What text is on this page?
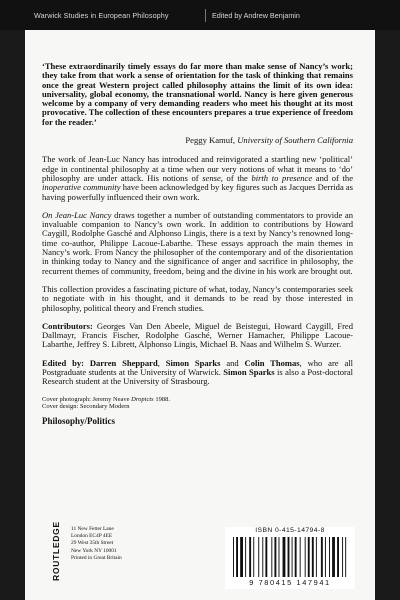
Warwick Studies in European Philosophy	Edited by Andrew Benjamin

‘These extraordinarily timely essays do far more than make sense of Nancy’s work; they take from that work a sense of orientation for the task of thinking that remains once the great Western project called philosophy attains the limit of its own idea: universality, global economy, the transnational world. Nancy is here given generous welcome by a company of very demanding readers who meet his thought at its most provocative. The collection of these encounters prepares a true experience of freedom for the reader.’

Peggy Kamuf, University of Southern California

The work of Jean-Luc Nancy has introduced and reinvigorated a startling new ‘political’ edge in continental philosophy at a time when our very notions of what it means to ‘do’ philosophy are under attack. His notions of sense, of the birth to presence and of the inoperative community have been acknowledged by key figures such as Jacques Derrida as having powerfully influenced their own work.

On Jean-Luc Nancy draws together a number of outstanding commentators to provide an invaluable companion to Nancy’s own work. In addition to contributions by Howard Caygill, Rodolphe Gasché and Alphonso Lingis, there is a text by Nancy’s renowned long-time co-author, Philippe Lacoue-Labarthe. These essays approach the main themes in Nancy’s work. From Nancy the philosopher of the contemporary and of the disorientation in thinking today to Nancy and the significance of anger and sacrifice in philosophy, the recurrent themes of community, freedom, being and the divine in his work are brought out.

This collection provides a fascinating picture of what, today, Nancy’s contemporaries seek to negotiate with in his thought, and it demands to be read by those interested in philosophy, political theory and French studies.

Contributors: Georges Van Den Abeele, Miguel de Beistegui, Howard Caygill, Fred Dallmayr, Francis Fischer, Rodolphe Gasché, Werner Hamacher, Philippe Lacoue-Labarthe, Jeffrey S. Librett, Alphonso Lingis, Michael B. Naas and Wilhelm S. Wurzer.

Edited by: Darren Sheppard, Simon Sparks and Colin Thomas, who are all Postgraduate students at the University of Warwick. Simon Sparks is also a Post-doctoral Research student at the University of Strasbourg.

Cover photograph: Jeremy Neave Dropicts 1988.
Cover design: Secondary Modern
Philosophy/Politics
ROUTLEDGE 11 New Fetter Lane
London EC4P 4EE
29 West 35th Street
New York NY 10001
Printed in Great Britain
ISBN 0-415-14794-8
9 780415 147941
